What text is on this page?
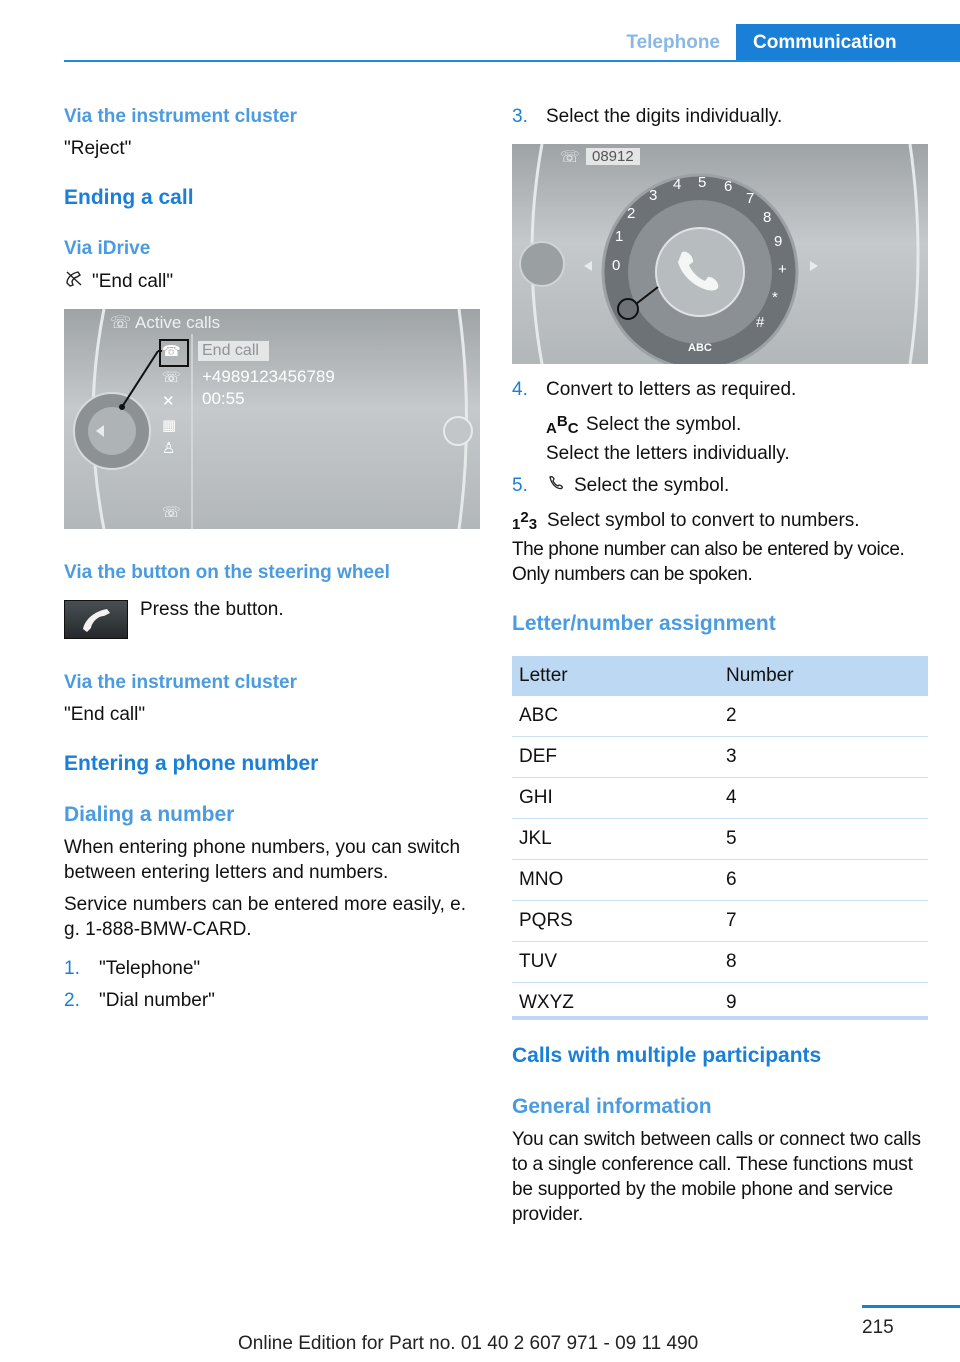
Telephone	Communication
Via the instrument cluster
"Reject"
Ending a call
Via iDrive
"End call"
☏ Active calls
☎
☏
✕
▦
♙
☏
End call
+4989123456789
00:55
Via the button on the steering wheel
Press the button.
Via the instrument cluster
"End call"
Entering a phone number
Dialing a number
When entering phone numbers, you can switch between entering letters and numbers.
Service numbers can be entered more easily, e. g. 1-888-BMW-CARD.
1. "Telephone"
2. "Dial number"
3. Select the digits individually.
☏ 08912
0
1
2
3
4 5 6
7
8
9
+
*
#
ABC
4. Convert to letters as required.
ABC Select the symbol.
Select the letters individually.
5. Select the symbol.
123 Select symbol to convert to numbers.
The phone number can also be entered by voice. Only numbers can be spoken.
Letter/number assignment
Letter	Number
ABC	2
DEF	3
GHI	4
JKL	5
MNO	6
PQRS	7
TUV	8
WXYZ	9
Calls with multiple participants
General information
You can switch between calls or connect two calls to a single conference call. These functions must be supported by the mobile phone and service provider.
215
Online Edition for Part no. 01 40 2 607 971 - 09 11 490
